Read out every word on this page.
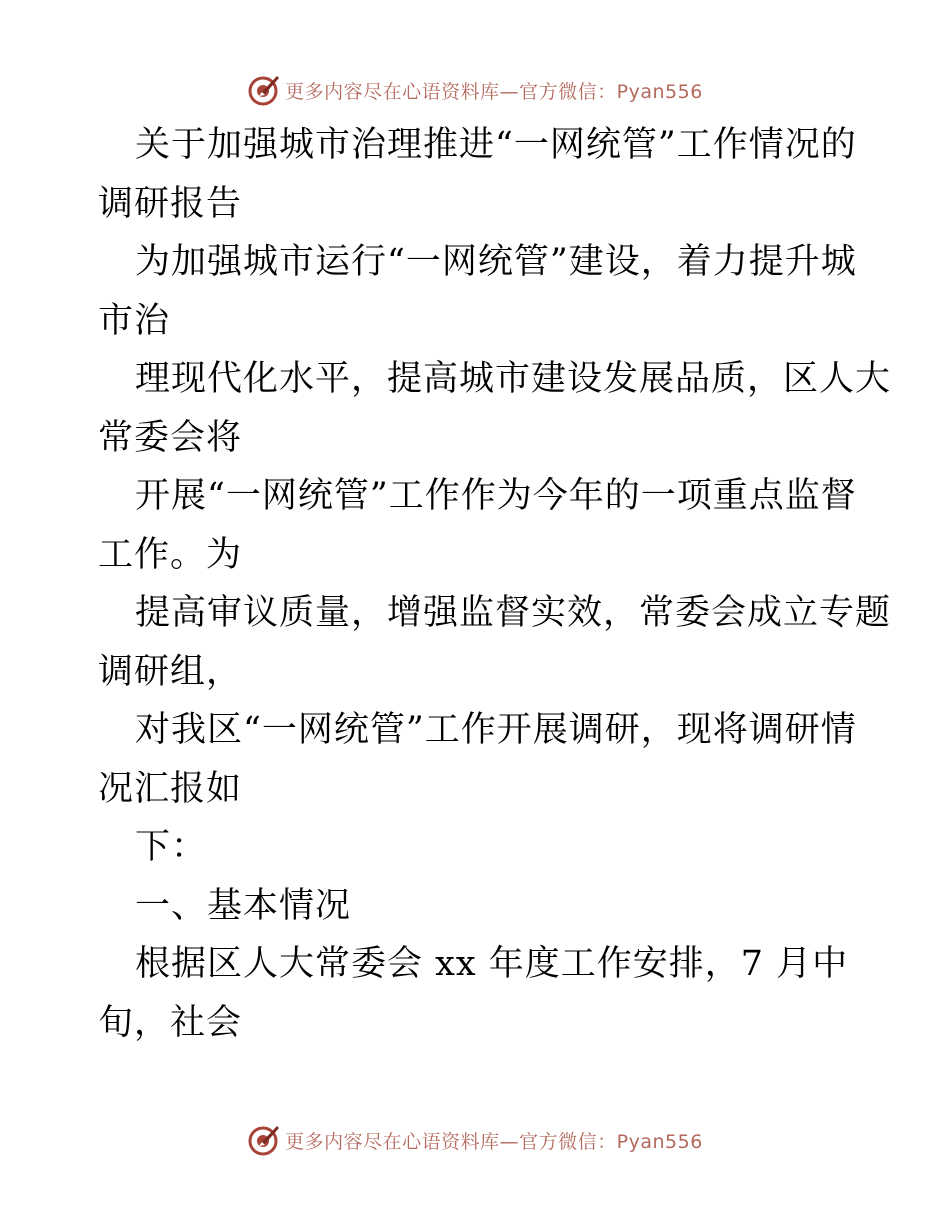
更多内容尽在心语资料库—官方微信：Pyan556
关于加强城市治理推进“一网统管”工作情况的
调研报告
为加强城市运行“一网统管”建设，着力提升城
市治
理现代化水平，提高城市建设发展品质，区人大
常委会将
开展“一网统管”工作作为今年的一项重点监督
工作。为
提高审议质量，增强监督实效，常委会成立专题
调研组，
对我区“一网统管”工作开展调研，现将调研情
况汇报如
下：
一、基本情况
根据区人大常委会 xx 年度工作安排，7 月中
旬，社会
更多内容尽在心语资料库—官方微信：Pyan556
